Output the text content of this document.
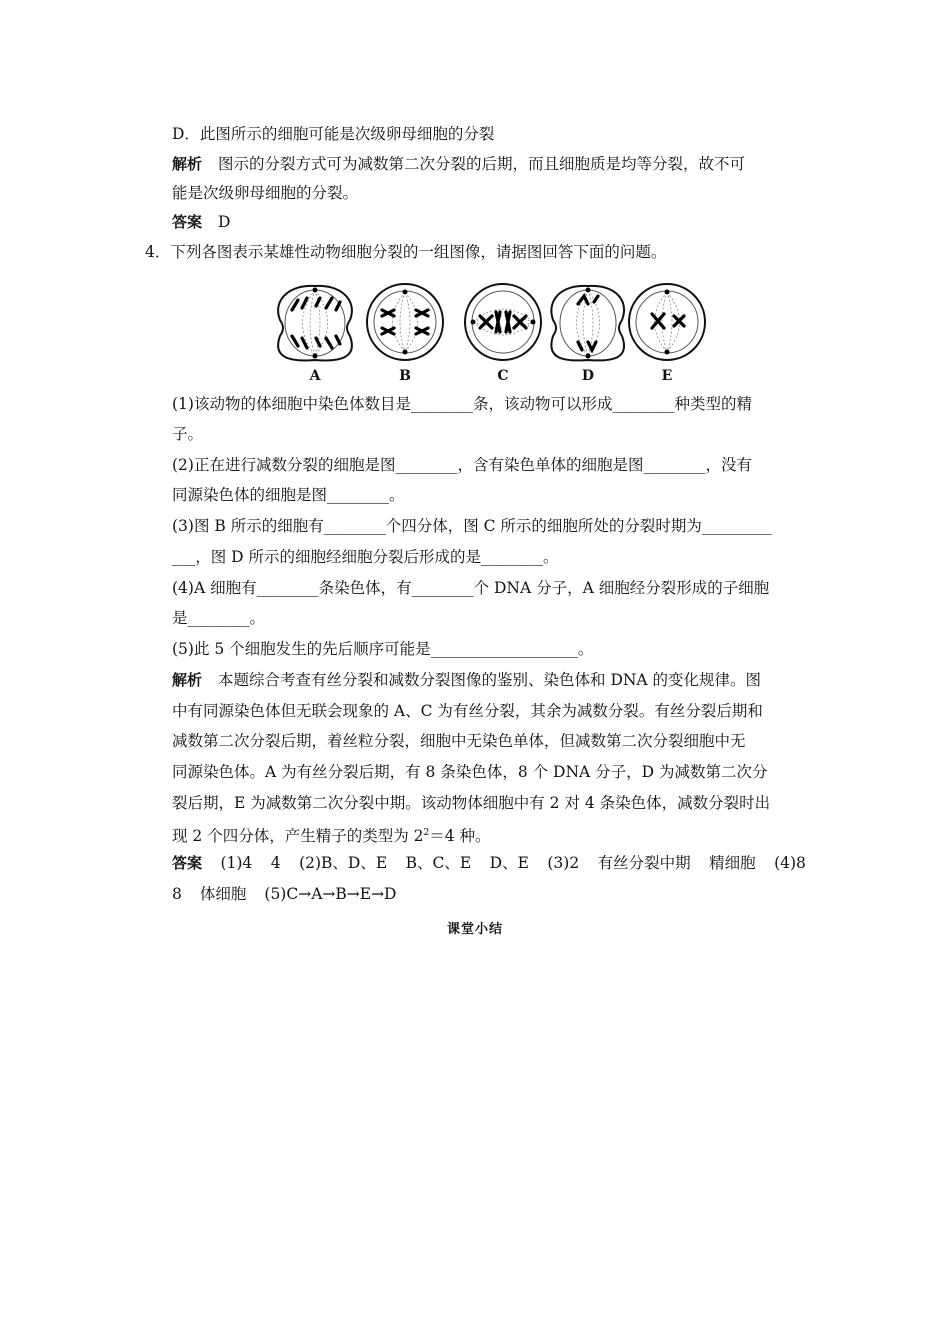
D．此图所示的细胞可能是次级卵母细胞的分裂
解析 图示的分裂方式可为减数第二次分裂的后期，而且细胞质是均等分裂，故不可
能是次级卵母细胞的分裂。
答案 D
4．下列各图表示某雄性动物细胞分裂的一组图像，请据图回答下面的问题。
A	B	C	D	E
(1)该动物的体细胞中染色体数目是________条，该动物可以形成________种类型的精
子。
(2)正在进行减数分裂的细胞是图________，含有染色单体的细胞是图________，没有
同源染色体的细胞是图________。
(3)图 B 所示的细胞有________个四分体，图 C 所示的细胞所处的分裂时期为_________
___，图 D 所示的细胞经细胞分裂后形成的是________。
(4)A 细胞有________条染色体，有________个 DNA 分子，A 细胞经分裂形成的子细胞
是________。
(5)此 5 个细胞发生的先后顺序可能是___________________。
解析 本题综合考查有丝分裂和减数分裂图像的鉴别、染色体和 DNA 的变化规律。图
中有同源染色体但无联会现象的 A、C 为有丝分裂，其余为减数分裂。有丝分裂后期和
减数第二次分裂后期，着丝粒分裂，细胞中无染色单体，但减数第二次分裂细胞中无
同源染色体。A 为有丝分裂后期，有 8 条染色体，8 个 DNA 分子，D 为减数第二次分
裂后期，E 为减数第二次分裂中期。该动物体细胞中有 2 对 4 条染色体，减数分裂时出
现 2 个四分体，产生精子的类型为 $2^2=4$ 种。
答案 (1)4 4 (2)B、D、E B、C、E D、E (3)2 有丝分裂中期 精细胞 (4)8
8 体细胞 (5)C→A→B→E→D
课堂小结
